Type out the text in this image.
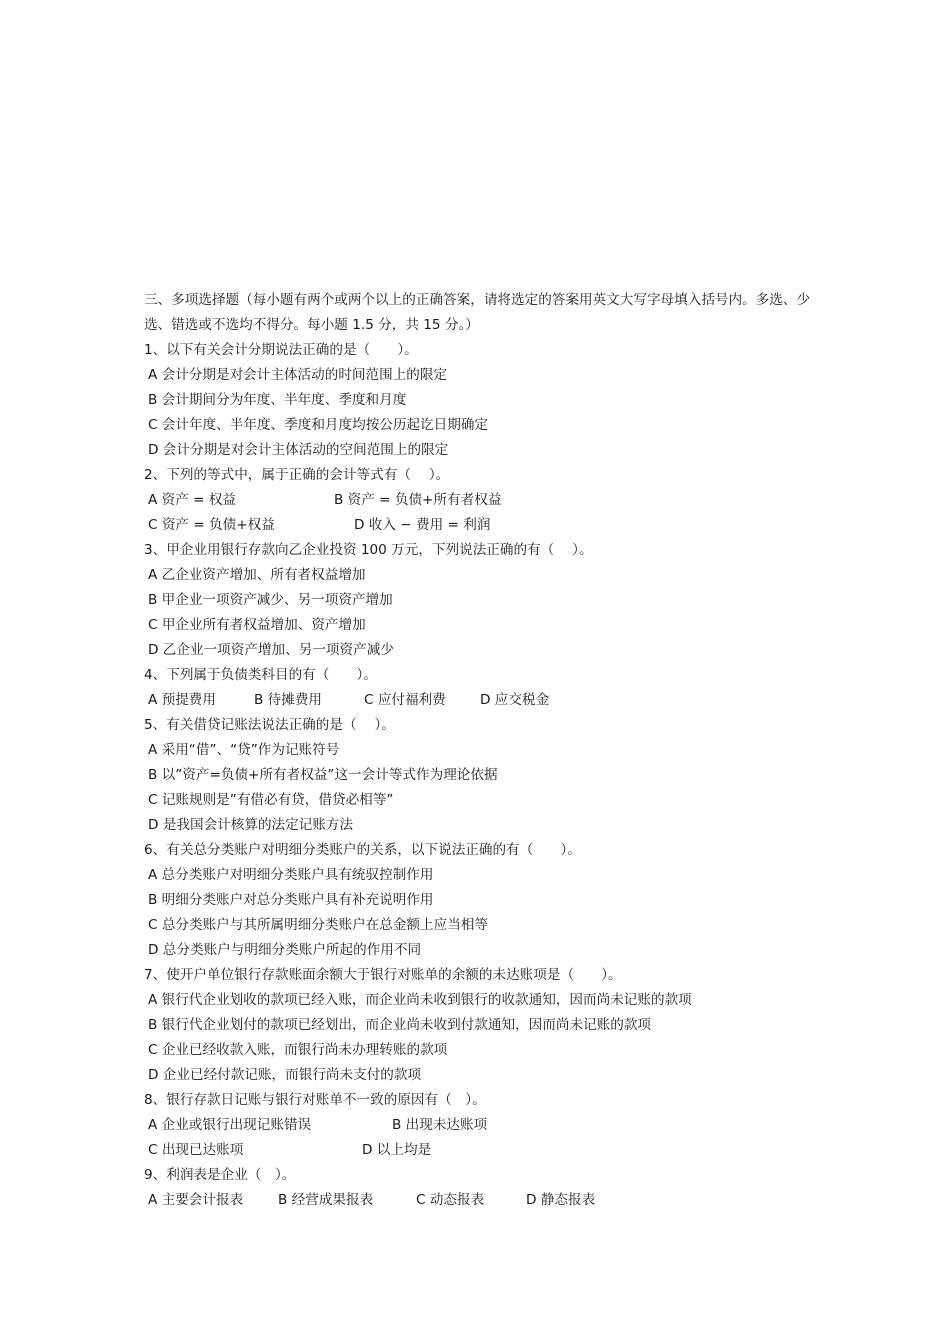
三、多项选择题（每小题有两个或两个以上的正确答案，请将选定的答案用英文大写字母填入括号内。多选、少选、错选或不选均不得分。每小题 1.5 分，共 15 分。）
1、以下有关会计分期说法正确的是（　　）。
A 会计分期是对会计主体活动的时间范围上的限定
B 会计期间分为年度、半年度、季度和月度
C 会计年度、半年度、季度和月度均按公历起讫日期确定
D 会计分期是对会计主体活动的空间范围上的限定
2、下列的等式中，属于正确的会计等式有（　 ）。
A 资产 = 权益	B 资产 = 负债+所有者权益
C 资产 = 负债+权益	D 收入 − 费用 = 利润
3、甲企业用银行存款向乙企业投资 100 万元，下列说法正确的有（　 ）。
A 乙企业资产增加、所有者权益增加
B 甲企业一项资产减少、另一项资产增加
C 甲企业所有者权益增加、资产增加
D 乙企业一项资产增加、另一项资产减少
4、下列属于负债类科目的有（　　）。
A 预提费用	B 待摊费用	C 应付福利费	D 应交税金
5、有关借贷记账法说法正确的是（　 ）。
A 采用“借”、“贷”作为记账符号
B 以”资产=负债+所有者权益”这一会计等式作为理论依据
C 记账规则是”有借必有贷，借贷必相等”
D 是我国会计核算的法定记账方法
6、有关总分类账户对明细分类账户的关系，以下说法正确的有（　　）。
A 总分类账户对明细分类账户具有统驭控制作用
B 明细分类账户对总分类账户具有补充说明作用
C 总分类账户与其所属明细分类账户在总金额上应当相等
D 总分类账户与明细分类账户所起的作用不同
7、使开户单位银行存款账面余额大于银行对账单的余额的未达账项是（　　）。
A 银行代企业划收的款项已经入账，而企业尚未收到银行的收款通知，因而尚未记账的款项
B 银行代企业划付的款项已经划出，而企业尚未收到付款通知，因而尚未记账的款项
C 企业已经收款入账，而银行尚未办理转账的款项
D 企业已经付款记账，而银行尚未支付的款项
8、银行存款日记账与银行对账单不一致的原因有（　）。
A 企业或银行出现记账错误	B 出现未达账项
C 出现已达账项	D 以上均是
9、利润表是企业（　）。
A 主要会计报表	B 经营成果报表	C 动态报表	D 静态报表
